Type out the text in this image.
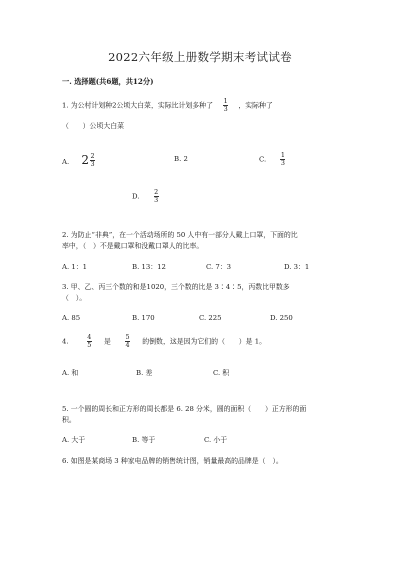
2022六年级上册数学期末考试试卷
一. 选择题(共6题，共12分)
1. 为公村计划种2公顷大白菜，实际比计划多种了 $\frac{1}{3}$ ，实际种了
（　　）公顷大白菜
A. $2 \frac{2}{3}$	B. 2	C. $\frac{1}{3}$
D. $\frac{2}{3}$
2. 为防止“非典”，在一个活动场所的 50 人中有一部分人戴上口罩，下面的比
率中，（　）不是戴口罩和没戴口罩人的比率。
A. 1：1	B. 13：12	C. 7：3	D. 3：1
3. 甲、乙、丙三个数的和是1020，三个数的比是 3∶4∶5，丙数比甲数多
（　）。
A. 85	B. 170	C. 225	D. 250
4.	$\frac{4}{5}$ 是 $\frac{5}{4}$ 的倒数，这是因为它们的（　　）是 1。
A. 和	B. 差	C. 积
5. 一个圆的周长和正方形的周长都是 6. 28 分米，圆的面积（　　）正方形的面
积。
A. 大于	B. 等于	C. 小于
6. 如图是某商场 3 种家电品牌的销售统计图，销量最高的品牌是（　）。
